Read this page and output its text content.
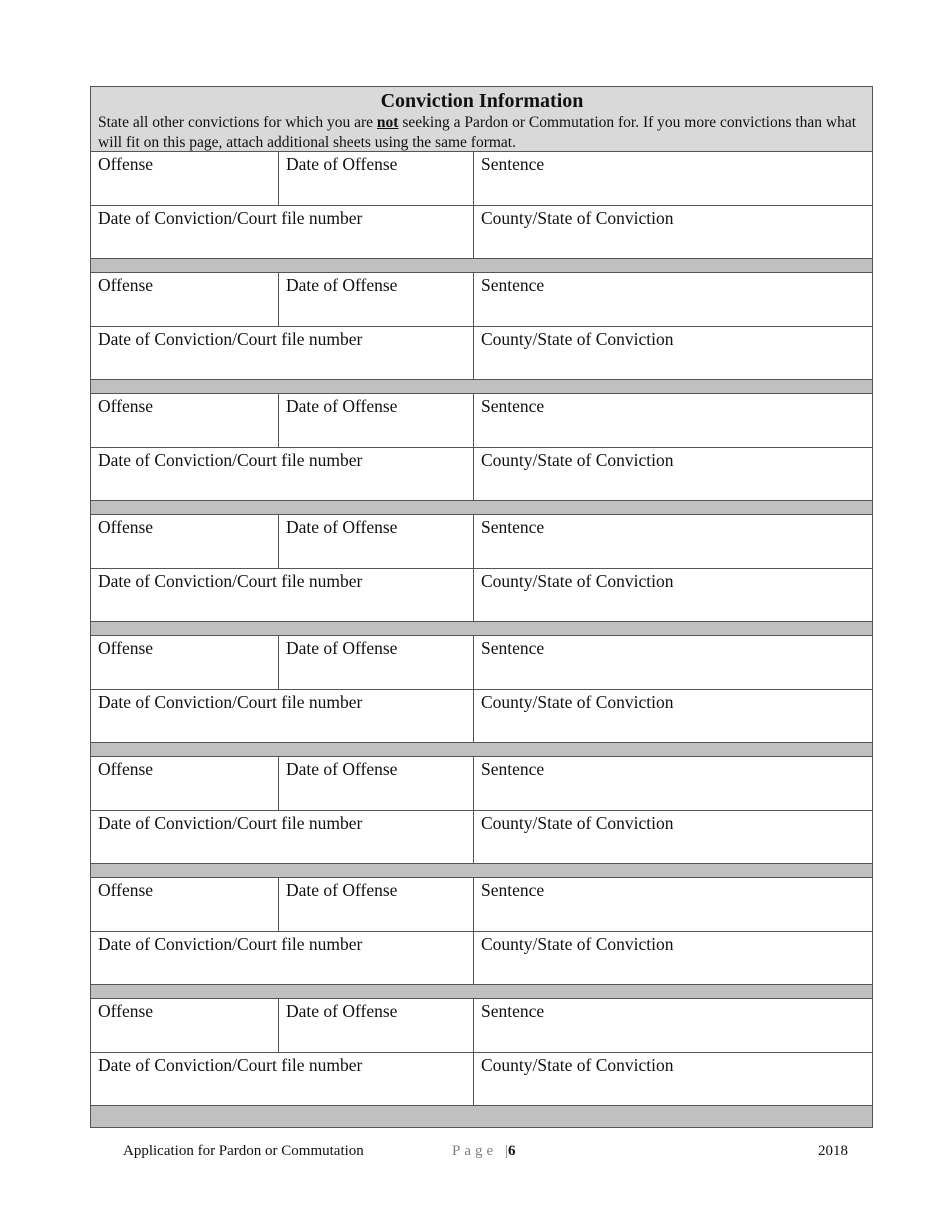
Conviction Information

State all other convictions for which you are not seeking a Pardon or Commutation for. If you more convictions than what will fit on this page, attach additional sheets using the same format.

Offense	Date of Offense	Sentence
Date of Conviction/Court file number	County/State of Conviction
Offense	Date of Offense	Sentence
Date of Conviction/Court file number	County/State of Conviction
Offense	Date of Offense	Sentence
Date of Conviction/Court file number	County/State of Conviction
Offense	Date of Offense	Sentence
Date of Conviction/Court file number	County/State of Conviction
Offense	Date of Offense	Sentence
Date of Conviction/Court file number	County/State of Conviction
Offense	Date of Offense	Sentence
Date of Conviction/Court file number	County/State of Conviction
Offense	Date of Offense	Sentence
Date of Conviction/Court file number	County/State of Conviction
Offense	Date of Offense	Sentence
Date of Conviction/Court file number	County/State of Conviction
Application for Pardon or Commutation	Page |6	2018
